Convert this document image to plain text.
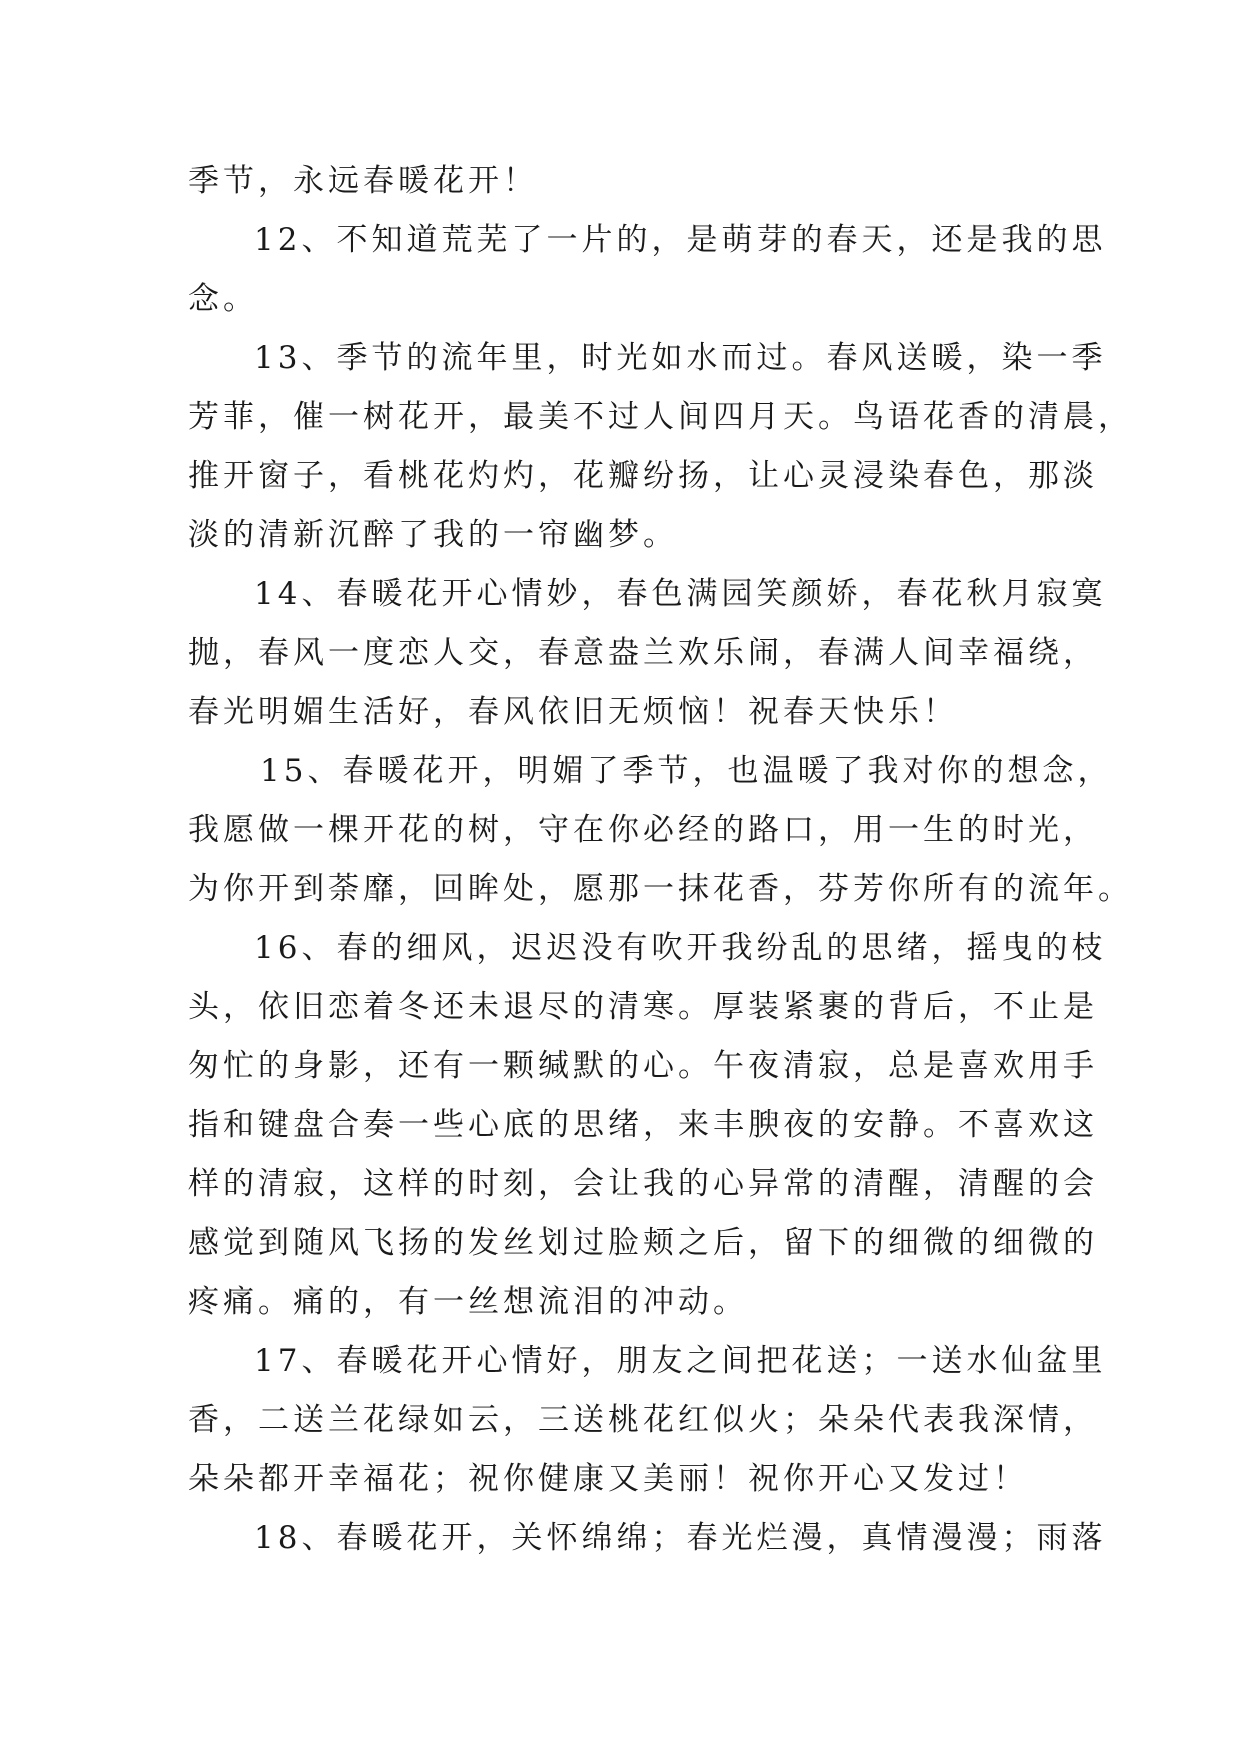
季节，永远春暖花开！
12、不知道荒芜了一片的，是萌芽的春天，还是我的思
念。
13、季节的流年里，时光如水而过。春风送暖，染一季
芳菲，催一树花开，最美不过人间四月天。鸟语花香的清晨，
推开窗子，看桃花灼灼，花瓣纷扬，让心灵浸染春色，那淡
淡的清新沉醉了我的一帘幽梦。
14、春暖花开心情妙，春色满园笑颜娇，春花秋月寂寞
抛，春风一度恋人交，春意盎兰欢乐闹，春满人间幸福绕，
春光明媚生活好，春风依旧无烦恼！祝春天快乐！
15、春暖花开，明媚了季节，也温暖了我对你的想念，
我愿做一棵开花的树，守在你必经的路口，用一生的时光，
为你开到荼靡，回眸处，愿那一抹花香，芬芳你所有的流年。
16、春的细风，迟迟没有吹开我纷乱的思绪，摇曳的枝
头，依旧恋着冬还未退尽的清寒。厚装紧裹的背后，不止是
匆忙的身影，还有一颗缄默的心。午夜清寂，总是喜欢用手
指和键盘合奏一些心底的思绪，来丰腴夜的安静。不喜欢这
样的清寂，这样的时刻，会让我的心异常的清醒，清醒的会
感觉到随风飞扬的发丝划过脸颊之后，留下的细微的细微的
疼痛。痛的，有一丝想流泪的冲动。
17、春暖花开心情好，朋友之间把花送；一送水仙盆里
香，二送兰花绿如云，三送桃花红似火；朵朵代表我深情，
朵朵都开幸福花；祝你健康又美丽！祝你开心又发过！
18、春暖花开，关怀绵绵；春光烂漫，真情漫漫；雨落
